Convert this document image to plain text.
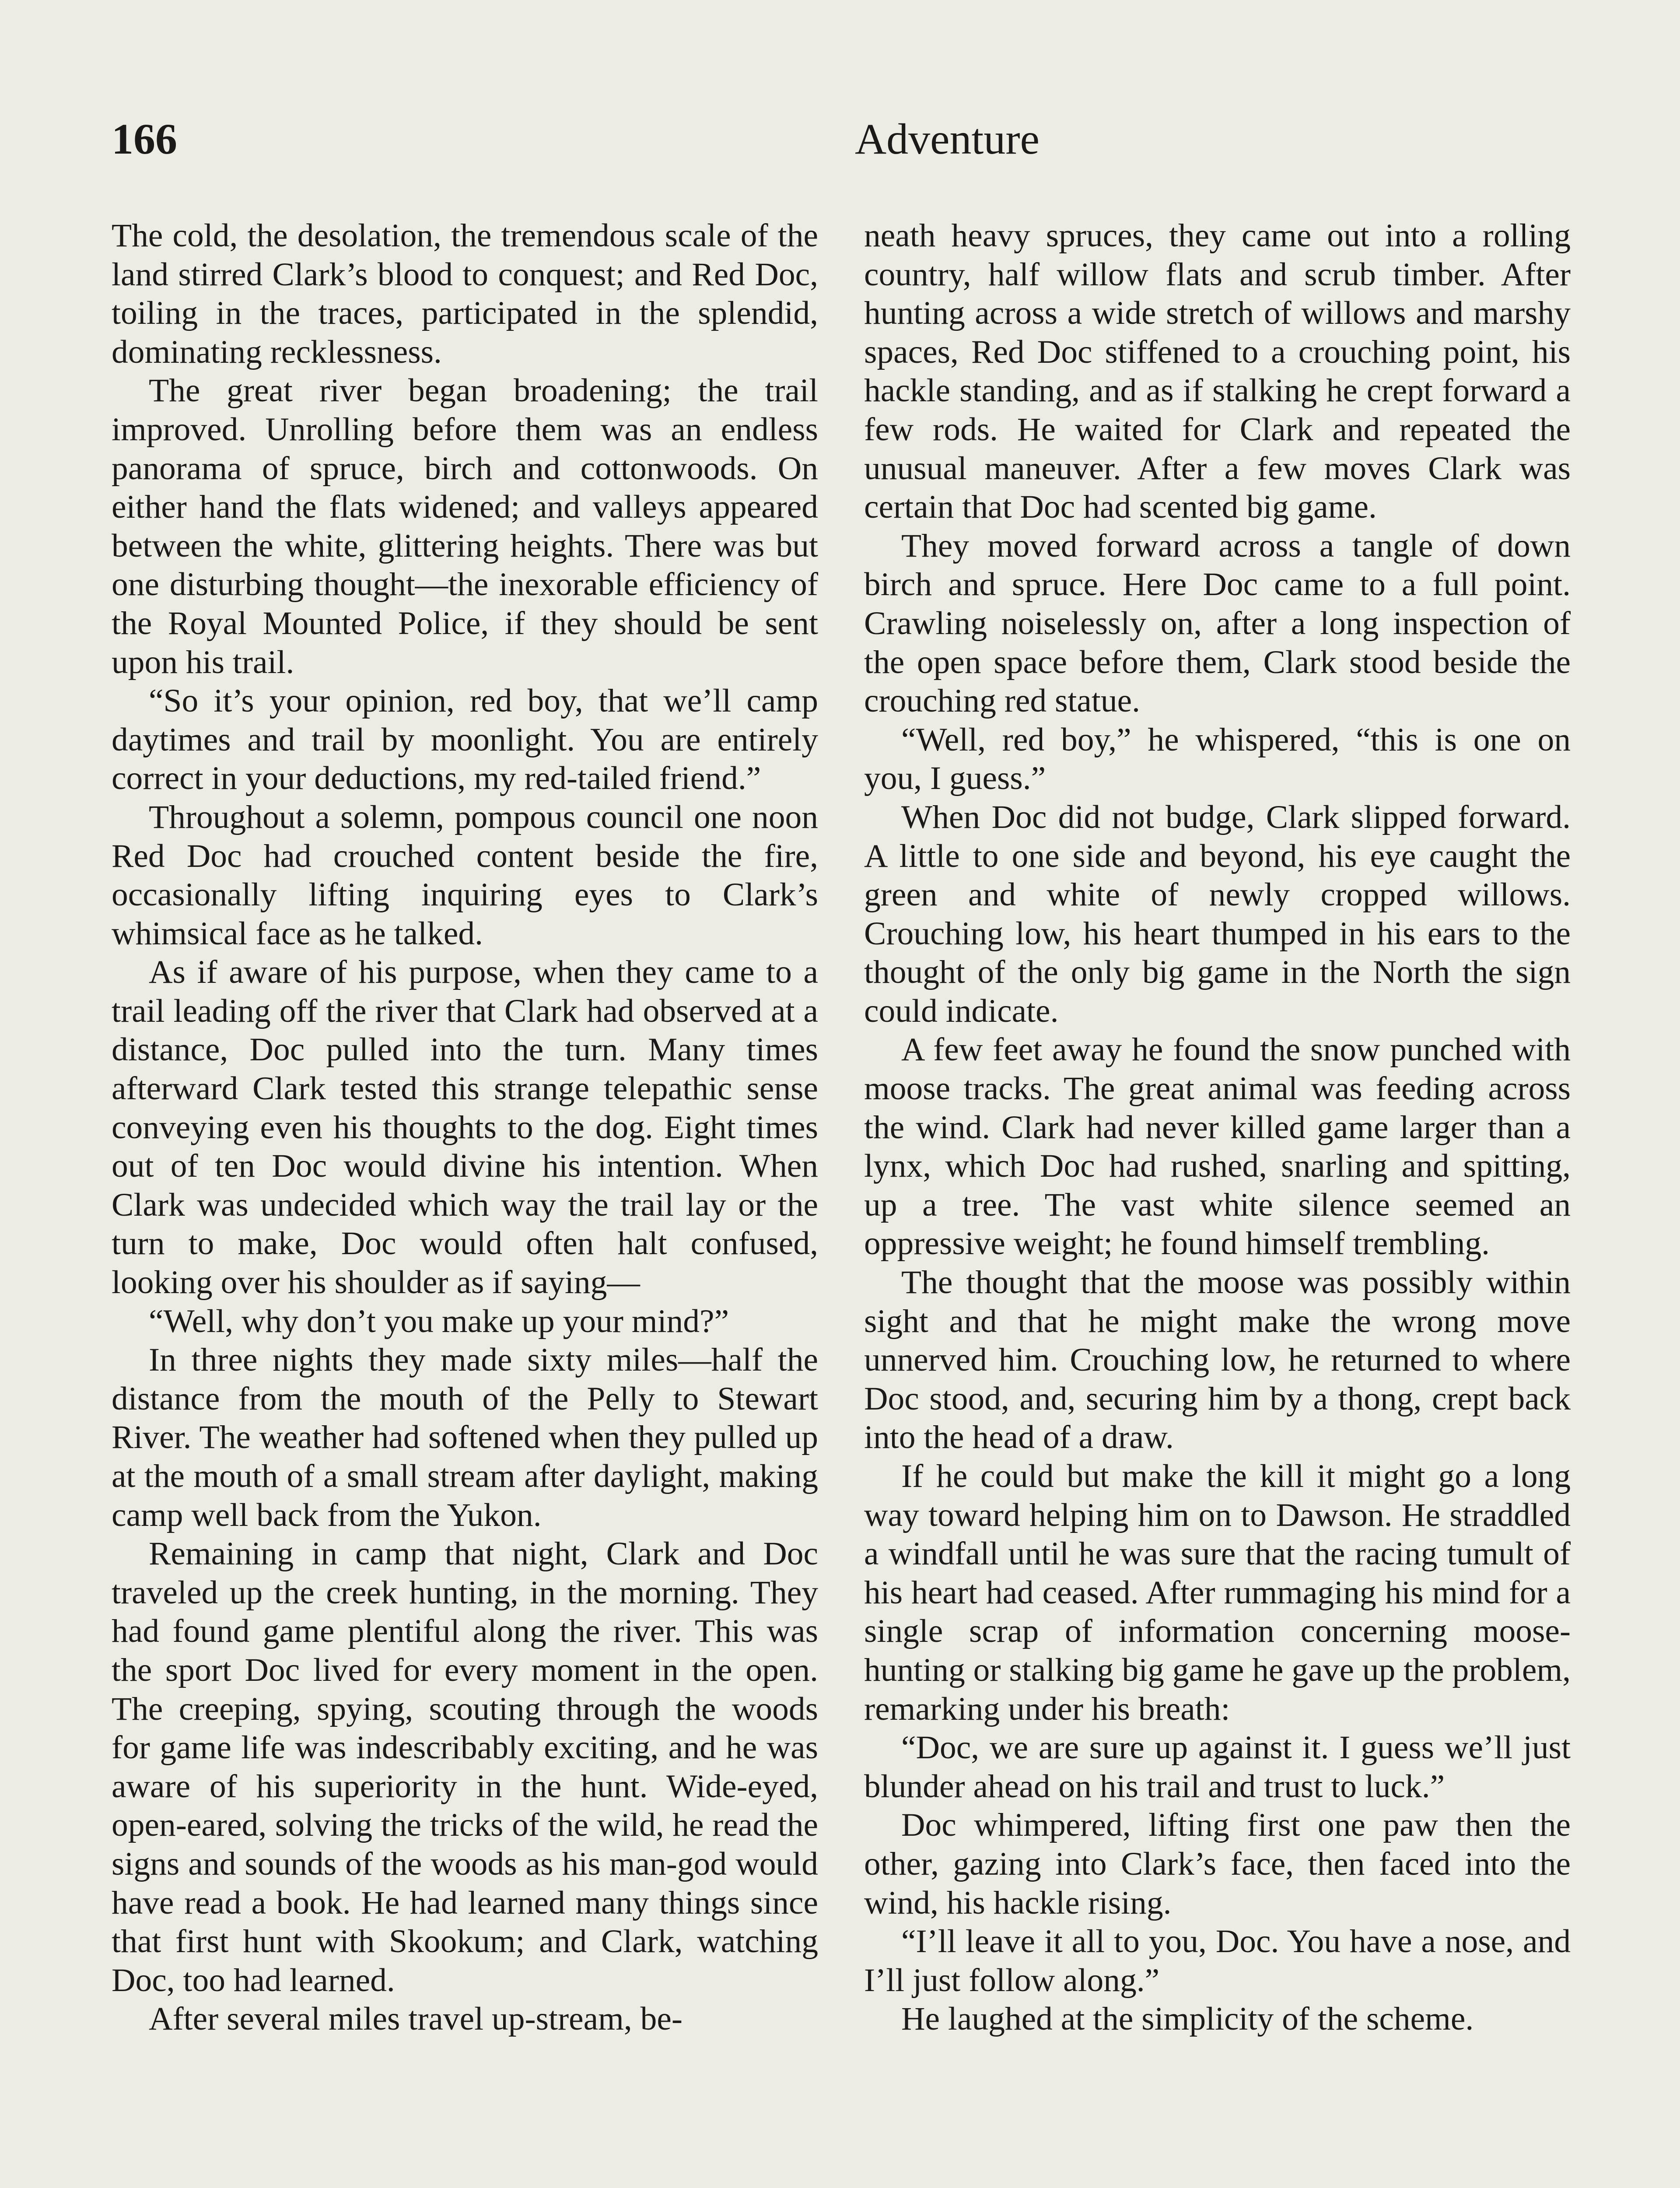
166	Adventure

The cold, the desolation, the tremendous scale of the land stirred Clark’s blood to conquest; and Red Doc, toiling in the traces, participated in the splendid, dominating recklessness.

The great river began broadening; the trail improved. Unrolling before them was an endless panorama of spruce, birch and cottonwoods. On either hand the flats widened; and valleys appeared between the white, glittering heights. There was but one disturbing thought—the inexorable efficiency of the Royal Mounted Police, if they should be sent upon his trail.

“So it’s your opinion, red boy, that we’ll camp daytimes and trail by moonlight. You are entirely correct in your deductions, my red-tailed friend.”

Throughout a solemn, pompous council one noon Red Doc had crouched content beside the fire, occasionally lifting inquiring eyes to Clark’s whimsical face as he talked.

As if aware of his purpose, when they came to a trail leading off the river that Clark had observed at a distance, Doc pulled into the turn. Many times afterward Clark tested this strange telepathic sense conveying even his thoughts to the dog. Eight times out of ten Doc would divine his intention. When Clark was undecided which way the trail lay or the turn to make, Doc would often halt confused, looking over his shoulder as if saying—

“Well, why don’t you make up your mind?”

In three nights they made sixty miles—half the distance from the mouth of the Pelly to Stewart River. The weather had softened when they pulled up at the mouth of a small stream after daylight, making camp well back from the Yukon.

Remaining in camp that night, Clark and Doc traveled up the creek hunting, in the morning. They had found game plentiful along the river. This was the sport Doc lived for every moment in the open. The creeping, spying, scouting through the woods for game life was indescribably exciting, and he was aware of his superiority in the hunt. Wide-eyed, open-eared, solving the tricks of the wild, he read the signs and sounds of the woods as his man-god would have read a book. He had learned many things since that first hunt with Skookum; and Clark, watching Doc, too had learned.

After several miles travel up-stream, be-

neath heavy spruces, they came out into a rolling country, half willow flats and scrub timber. After hunting across a wide stretch of willows and marshy spaces, Red Doc stiffened to a crouching point, his hackle standing, and as if stalking he crept forward a few rods. He waited for Clark and repeated the unusual maneuver. After a few moves Clark was certain that Doc had scented big game.

They moved forward across a tangle of down birch and spruce. Here Doc came to a full point. Crawling noiselessly on, after a long inspection of the open space before them, Clark stood beside the crouching red statue.

“Well, red boy,” he whispered, “this is one on you, I guess.”

When Doc did not budge, Clark slipped forward. A little to one side and beyond, his eye caught the green and white of newly cropped willows. Crouching low, his heart thumped in his ears to the thought of the only big game in the North the sign could indicate.

A few feet away he found the snow punched with moose tracks. The great animal was feeding across the wind. Clark had never killed game larger than a lynx, which Doc had rushed, snarling and spitting, up a tree. The vast white silence seemed an oppressive weight; he found himself trembling.

The thought that the moose was possibly within sight and that he might make the wrong move unnerved him. Crouching low, he returned to where Doc stood, and, securing him by a thong, crept back into the head of a draw.

If he could but make the kill it might go a long way toward helping him on to Dawson. He straddled a windfall until he was sure that the racing tumult of his heart had ceased. After rummaging his mind for a single scrap of information concerning moose-hunting or stalking big game he gave up the problem, remarking under his breath:

“Doc, we are sure up against it. I guess we’ll just blunder ahead on his trail and trust to luck.”

Doc whimpered, lifting first one paw then the other, gazing into Clark’s face, then faced into the wind, his hackle rising.

“I’ll leave it all to you, Doc. You have a nose, and I’ll just follow along.”

He laughed at the simplicity of the scheme.
